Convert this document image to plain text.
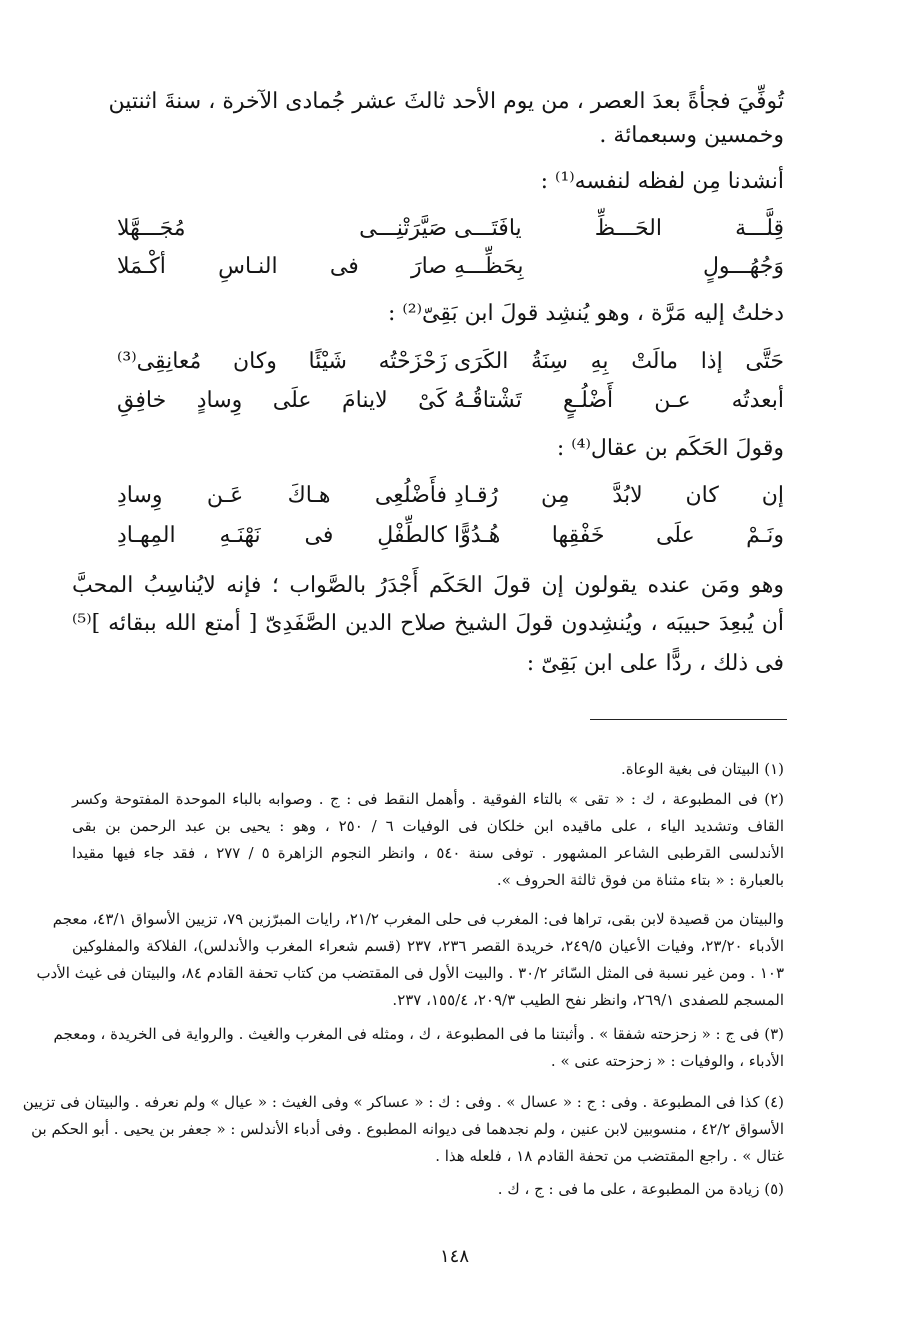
تُوفِّيَ فجأةً بعدَ العصر ، من يوم الأحد ثالثَ عشر جُمادى الآخرة ، سنةَ اثنتين
وخمسين وسبعمائة .
أنشدنا مِن لفظه لنفسه⁽¹⁾ :
قِلَّـــة الحَـــظِّ يافَتَـــى
صَيَّرَتْنِـــى مُجَـــهَّلا
وَجُهُـــولٍ بِحَظِّـــهِ
صارَ فى النـاسِ أكْـمَلا
دخلتُ إليه مَرَّة ، وهو يُنشِد قولَ ابن بَقِىّ⁽²⁾ :
حَتَّى إذا مالَتْ بِهِ سِنَةُ الكَرَى
زَحْزَحْتُه شَيْئًا وكان مُعانِقِى⁽³⁾
أبعدتُه عـن أَضْلُـعٍ تَشْتاقُـهُ
كَىْ لاينامَ علَى وِسادٍ خافِقِ
وقولَ الحَكَم بن عقال⁽⁴⁾ :
إن كان لابُدَّ مِن رُقـادِ
فأَضْلُعِى هـاكَ عَـن وِسادِ
ونَـمْ علَى خَفْقِها هُـدُوًّا
كالطِّفْلِ فى نَهْنَـهِ المِهـادِ
وهو ومَن عنده يقولون إن قولَ الحَكَم أَجْدَرُ بالصَّواب ؛ فإنه لايُناسِبُ المحبَّ
أن يُبعِدَ حبيبَه ، ويُنشِدون قولَ الشيخ صلاح الدين الصَّفَدِىّ [ أمتع الله ببقائه ]⁽⁵⁾
فى ذلك ، ردًّا على ابن بَقِىّ :
(١) البيتان فى بغية الوعاة.
(٢) فى المطبوعة ، ك : « تقى » بالتاء الفوقية . وأهمل النقط فى : ج . وصوابه بالباء الموحدة المفتوحة وكسر
القاف وتشديد الياء ، على ماقيده ابن خلكان فى الوفيات ٦ / ٢٥٠ ، وهو : يحيى بن عبد الرحمن بن بقى
الأندلسى القرطبى الشاعر المشهور . توفى سنة ٥٤٠ ، وانظر النجوم الزاهرة ٥ / ٢٧٧ ، فقد جاء فيها مقيدا
بالعبارة : « بتاء مثناة من فوق ثالثة الحروف ».
والبيتان من قصيدة لابن بقى، تراها فى: المغرب فى حلى المغرب ٢١/٢، رايات المبرّزين ٧٩، تزيين الأسواق ٤٣/١، معجم
الأدباء ٢٣/٢٠، وفيات الأعيان ٢٤٩/٥، خريدة القصر ٢٣٦، ٢٣٧ (قسم شعراء المغرب والأندلس)، الفلاكة والمفلوكين
١٠٣ . ومن غير نسبة فى المثل السّائر ٣٠/٢ . والبيت الأول فى المقتضب من كتاب تحفة القادم ٨٤، والبيتان فى غيث الأدب
المسجم للصفدى ٢٦٩/١، وانظر نفح الطيب ٢٠٩/٣، ١٥٥/٤، ٢٣٧.
(٣) فى ج : « زحزحته شفقا » . وأثبتنا ما فى المطبوعة ، ك ، ومثله فى المغرب والغيث . والرواية فى الخريدة ، ومعجم
الأدباء ، والوفيات : « زحزحته عنى » .
(٤) كذا فى المطبوعة . وفى : ج : « عسال » . وفى : ك : « عساكر » وفى الغيث : « عيال » ولم نعرفه . والبيتان فى تزيين
الأسواق ٤٢/٢ ، منسوبين لابن عنين ، ولم نجدهما فى ديوانه المطبوع . وفى أدباء الأندلس : « جعفر بن يحيى . أبو الحكم بن
غتال » . راجع المقتضب من تحفة القادم ١٨ ، فلعله هذا .
(٥) زيادة من المطبوعة ، على ما فى : ج ، ك .
١٤٨
